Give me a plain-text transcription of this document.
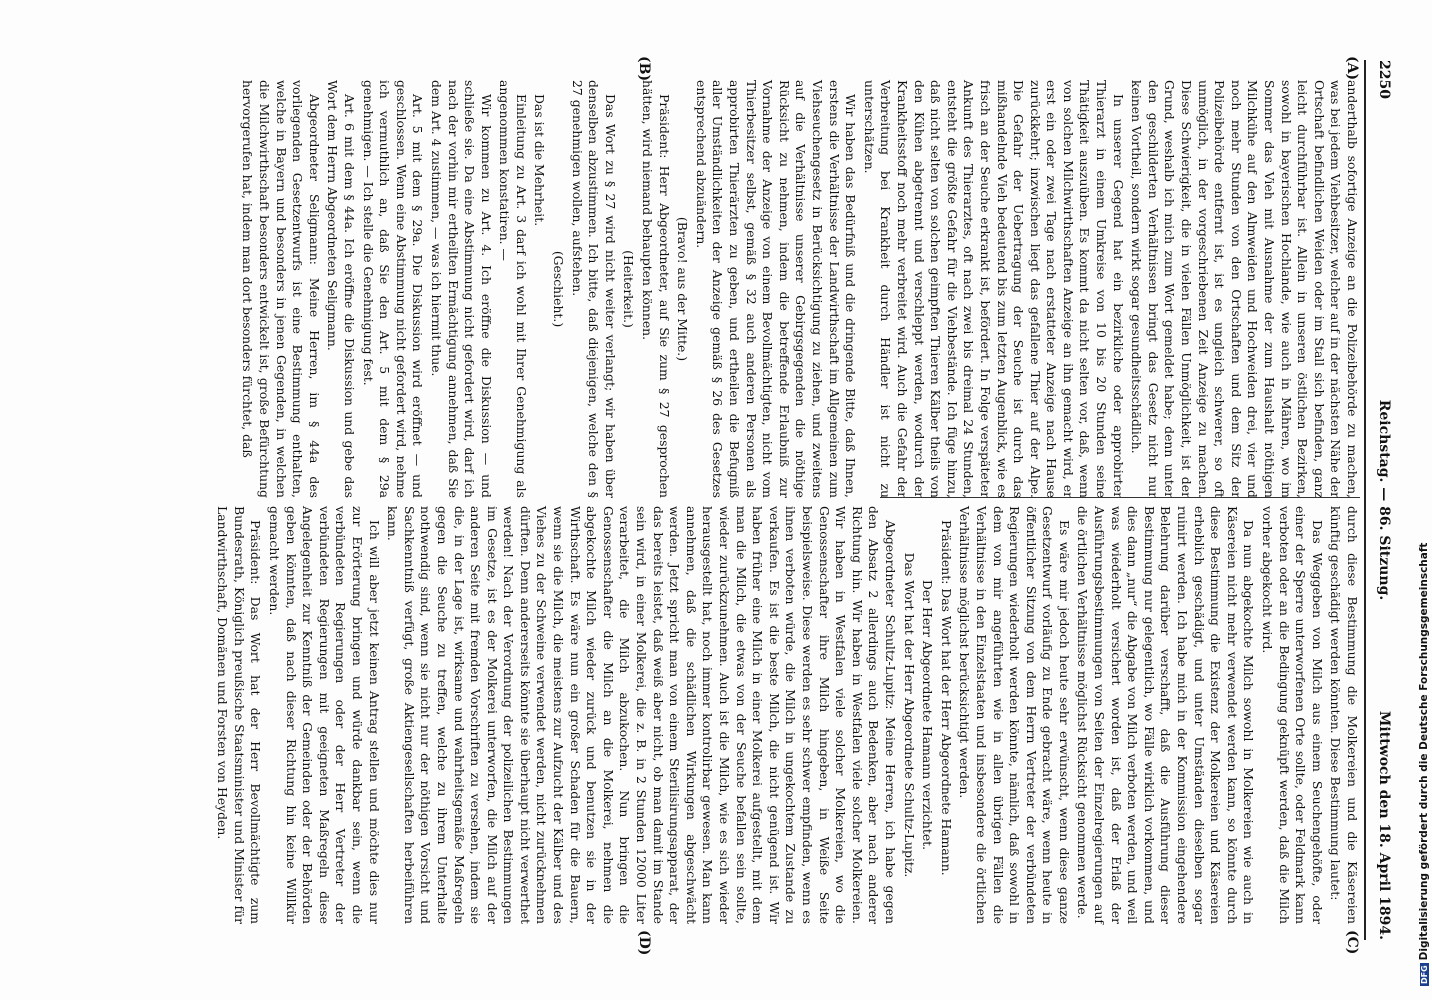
2250
Reichstag. — 86. Sitzung.
Mittwoch den 18. April 1894.
(A)
(B)
(C)
(D)

anderthalb sofortige Anzeige an die Polizeibehörde zu machen, was bei jedem Viehbesitzer, welcher auf in der nächsten Nähe der Ortschaft befindlichen Weiden oder im Stall sich befinden, ganz leicht durchführbar ist. Allein in unseren östlichen Bezirken, sowohl in bayerischen Hochlande, wie auch in Mähren, wo im Sommer das Vieh mit Ausnahme der zum Haushalt nöthigen Milchkühe auf den Almweiden und Hochweiden drei, vier und noch mehr Stunden von den Ortschaften und dem Sitz der Polizeibehörde entfernt ist, ist es ungleich schwerer, so oft unmöglich, in der vorgeschriebenen Zeit Anzeige zu machen. Diese Schwierigkeit, die in vielen Fällen Unmöglichkeit, ist der Grund, weshalb ich mich zum Wort gemeldet habe; denn unter den geschilderten Verhältnissen bringt das Gesetz nicht nur keinen Vortheil, sondern wirkt sogar gesundheitsschädlich.

In unserer Gegend hat ein bezirkliche oder approbirter Thierarzt in einem Umkreise von 10 bis 20 Stunden seine Thätigkeit auszuüben. Es kommt da nicht selten vor, daß, wenn von solchen Milchwirthschaften Anzeige an ihn gemacht wird, er erst ein oder zwei Tage nach erstatteter Anzeige nach Hause zurückkehrt; inzwischen liegt das gefallene Thier auf der Alpe. Die Gefahr der Uebertragung der Seuche ist durch das mißhandelnde Vieh bedeutend bis zum letzten Augenblick, wie es frisch an der Seuche erkrankt ist, befördert. In Folge verspäteter Ankunft des Thierarztes, oft nach zwei bis dreimal 24 Stunden, entsteht die größte Gefahr für die Viehbestände. Ich füge hinzu, daß nicht selten von solchen geimpften Thieren Kälber theils von den Kühen abgetrennt und verschleppt werden, wodurch der Krankheitsstoff noch mehr verbreitet wird. Auch die Gefahr der Verbreitung bei Krankheit durch Händler ist nicht zu unterschätzen.

Wir haben das Bedürfniß und die dringende Bitte, daß Ihnen, erstens die Verhältnisse der Landwirthschaft im Allgemeinen zum Viehseuchengesetz in Berücksichtigung zu ziehen, und zweitens auf die Verhältnisse unserer Gebirgsgegenden die nöthige Rücksicht zu nehmen, indem die betreffende Erlaubniß zur Vornahme der Anzeige von einem Bevollmächtigten, nicht vom Thierbesitzer selbst, gemäß § 32 auch anderen Personen als approbirten Thierärzten zu geben, und ertheilen die Befugniß aller Umständlichkeiten der Anzeige gemäß § 26 des Gesetzes entsprechend abzuändern.

(Bravo! aus der Mitte.)

Präsident: Herr Abgeordneter, auf Sie zum § 27 gesprochen hätten, wird niemand behaupten können.

(Heiterkeit.)

Das Wort zu § 27 wird nicht weiter verlangt; wir haben über denselben abzustimmen. Ich bitte, daß diejenigen, welche den § 27 genehmigen wollen, aufstehen.

(Geschieht.)

Das ist die Mehrheit.

Einleitung zu Art. 3 darf ich wohl mit Ihrer Genehmigung als angenommen konstatiren. —

Wir kommen zu Art. 4. Ich eröffne die Diskussion — und schließe sie. Da eine Abstimmung nicht gefordert wird, darf ich nach der vorhin mir ertheilten Ermächtigung annehmen, daß Sie dem Art. 4 zustimmen, — was ich hiermit thue.

Art. 5 mit dem § 29a. Die Diskussion wird eröffnet — und geschlossen. Wenn eine Abstimmung nicht gefordert wird, nehme ich vermuthlich an, daß Sie den Art. 5 mit dem § 29a genehmigen. — Ich stelle die Genehmigung fest.

Art. 6 mit dem § 44a. Ich eröffne die Diskussion und gebe das Wort dem Herrn Abgeordneten Seligmann.

Abgeordneter Seligmann: Meine Herren, im § 44a des vorliegenden Gesetzentwurfs ist eine Bestimmung enthalten, welche in Bayern und besonders in jenen Gegenden, in welchen die Milchwirthschaft besonders entwickelt ist, große Befürchtung hervorgerufen hat, indem man dort besonders fürchtet, daß

durch diese Bestimmung die Molkereien und die Käsereien künftig geschädigt werden könnten. Diese Bestimmung lautet:

Das Weggeben von Milch aus einem Seuchengehöfte, oder einer der Sperre unterworfenen Orte sollte, oder Feldmark kann verboten oder an die Bedingung geknüpft werden, daß die Milch vorher abgekocht wird.

Da nun abgekochte Milch sowohl in Molkereien wie auch in Käsereien nicht mehr verwendet werden kann, so könnte durch diese Bestimmung die Existenz der Molkereien und Käsereien erheblich geschädigt, und unter Umständen dieselben sogar ruinirt werden. Ich habe mich in der Kommission eingehendere Belehrung darüber verschafft, daß die Ausführung dieser Bestimmung nur gelegentlich, wo Fälle wirklich vorkommen, und dies dann „nur“ die Abgabe von Milch verboten werden, und weil was wiederholt versichert worden ist, daß der Erlaß der Ausführungsbestimmungen von Seiten der Einzelregierungen auf die örtlichen Verhältnisse möglichst Rücksicht genommen werde.

Es wäre mir jedoch heute sehr erwünscht, wenn diese ganze Gesetzentwurf vorläufig zu Ende gebracht wäre, wenn heute in öffentlicher Sitzung von dem Herrn Vertreter der verbündeten Regierungen wiederholt werden könnte, nämlich, daß sowohl in dem von mir angeführten wie in allen übrigen Fällen die Verhältnisse in den Einzelstaaten und insbesondere die örtlichen Verhältnisse möglichst berücksichtigt werden.

Präsident: Das Wort hat der Herr Abgeordnete Hamann.

Der Herr Abgeordnete Hamann verzichtet.

Das Wort hat der Herr Abgeordnete Schultz-Lupitz.

Abgeordneter Schultz-Lupitz: Meine Herren, ich habe gegen den Absatz 2 allerdings auch Bedenken, aber nach anderer Richtung hin. Wir haben in Westfalen viele solcher Molkereien. Wir haben in Westfalen viele solcher Molkereien, wo die Genossenschafter ihre Milch hingeben, in Weiße Seite beispielsweise. Diese werden es sehr schwer empfinden, wenn es ihnen verboten würde, die Milch in ungekochtem Zustande zu verkaufen. Es ist die beste Milch, die nicht genügend ist. Wir haben früher eine Milch in einer Molkerei aufgestellt, mit dem man die Milch, die etwas von der Seuche befallen sein sollte, wieder zurückzunehmen. Auch ist die Milch, wie es sich wieder herausgestellt hat, noch immer kontrolirbar gewesen. Man kann annehmen, daß die schädlichen Wirkungen abgeschwächt werden. Jetzt spricht man von einem Sterilisirungsapparat, der das bereits leistet, daß weiß aber nicht, ob man damit im Stande sein wird, in einer Molkerei, die z. B. in 2 Stunden 12000 Liter verarbeitet, die Milch abzukochen. Nun bringen die Genossenschafter die Milch an die Molkerei, nehmen die abgekochte Milch wieder zurück und benutzen sie in der Wirthschaft. Es wäre nun ein großer Schaden für die Bauern, wenn sie die Milch, die meistens zur Aufzucht der Kälber und des Viehes zu der Schweine verwendet werden, nicht zurücknehmen dürften. Denn andererseits könnte sie überhaupt nicht verwerthet werden! Nach der Verordnung der polizeilichen Bestimmungen im Gesetze, ist es der Molkerei unterworfen, die Milch auf der anderen Seite mit fremden Vorschriften zu versehen, indem sie die, in der Lage ist, wirksame und wahrheitsgemäße Maßregeln gegen die Seuche zu treffen, welche zu ihrem Unterhalte nothwendig sind, wenn sie nicht nur der nöthigen Vorsicht und Sachkenntniß verfügt, große Aktiengesellschaften herbeiführen kann.

Ich will aber jetzt keinen Antrag stellen und möchte dies nur zur Erörterung bringen und würde dankbar sein, wenn die verbündeten Regierungen oder der Herr Vertreter der verbündeten Regierungen mit geeigneten Maßregeln diese Angelegenheit zur Kenntniß der Gemeinden oder der Behörden geben könnten, daß nach dieser Richtung hin keine Willkür gemacht werden.

Präsident: Das Wort hat der Herr Bevollmächtigte zum Bundesrath, Königlich preußische Staatsminister und Minister für Landwirthschaft, Domänen und Forsten von Heyden.

DFGDigitalisierung gefördert durch die Deutsche Forschungsgemeinschaft
